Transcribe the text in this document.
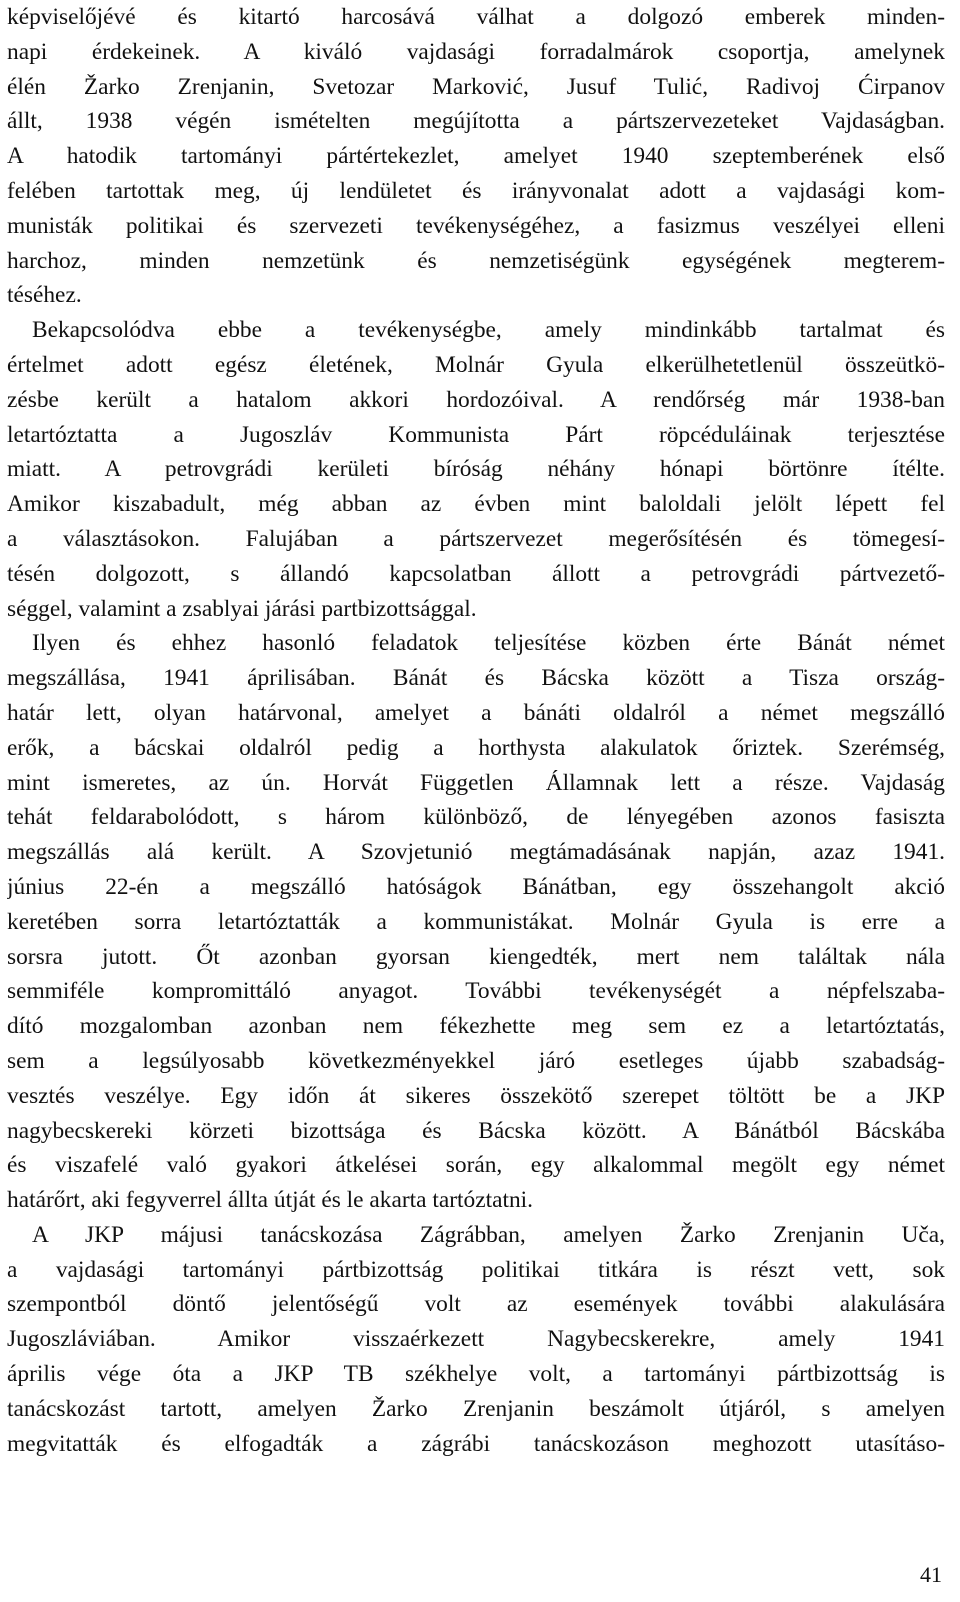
képviselőjévé és kitartó harcosává válhat a dolgozó emberek minden-
napi érdekeinek. A kiváló vajdasági forradalmárok csoportja, amelynek
élén Žarko Zrenjanin, Svetozar Marković, Jusuf Tulić, Radivoj Ćirpanov
állt, 1938 végén ismételten megújította a pártszervezeteket Vajdaságban.
A hatodik tartományi pártértekezlet, amelyet 1940 szeptemberének első
felében tartottak meg, új lendületet és irányvonalat adott a vajdasági kom-
munisták politikai és szervezeti tevékenységéhez, a fasizmus veszélyei elleni
harchoz, minden nemzetünk és nemzetiségünk egységének megterem-
téséhez.
Bekapcsolódva ebbe a tevékenységbe, amely mindinkább tartalmat és
értelmet adott egész életének, Molnár Gyula elkerülhetetlenül összeütkö-
zésbe került a hatalom akkori hordozóival. A rendőrség már 1938-ban
letartóztatta a Jugoszláv Kommunista Párt röpcéduláinak terjesztése
miatt. A petrovgrádi kerületi bíróság néhány hónapi börtönre ítélte.
Amikor kiszabadult, még abban az évben mint baloldali jelölt lépett fel
a választásokon. Falujában a pártszervezet megerősítésén és tömegesí-
tésén dolgozott, s állandó kapcsolatban állott a petrovgrádi pártvezető-
séggel, valamint a zsablyai járási partbizottsággal.
Ilyen és ehhez hasonló feladatok teljesítése közben érte Bánát német
megszállása, 1941 áprilisában. Bánát és Bácska között a Tisza ország-
határ lett, olyan határvonal, amelyet a bánáti oldalról a német megszálló
erők, a bácskai oldalról pedig a horthysta alakulatok őriztek. Szerémség,
mint ismeretes, az ún. Horvát Független Államnak lett a része. Vajdaság
tehát feldarabolódott, s három különböző, de lényegében azonos fasiszta
megszállás alá került. A Szovjetunió megtámadásának napján, azaz 1941.
június 22-én a megszálló hatóságok Bánátban, egy összehangolt akció
keretében sorra letartóztatták a kommunistákat. Molnár Gyula is erre a
sorsra jutott. Őt azonban gyorsan kiengedték, mert nem találtak nála
semmiféle kompromittáló anyagot. További tevékenységét a népfelszaba-
dító mozgalomban azonban nem fékezhette meg sem ez a letartóztatás,
sem a legsúlyosabb következményekkel járó esetleges újabb szabadság-
vesztés veszélye. Egy időn át sikeres összekötő szerepet töltött be a JKP
nagybecskereki körzeti bizottsága és Bácska között. A Bánátból Bácskába
és viszafelé való gyakori átkelései során, egy alkalommal megölt egy német
határőrt, aki fegyverrel állta útját és le akarta tartóztatni.
A JKP májusi tanácskozása Zágrábban, amelyen Žarko Zrenjanin Uča,
a vajdasági tartományi pártbizottság politikai titkára is részt vett, sok
szempontból döntő jelentőségű volt az események további alakulására
Jugoszláviában. Amikor visszaérkezett Nagybecskerekre, amely 1941
április vége óta a JKP TB székhelye volt, a tartományi pártbizottság is
tanácskozást tartott, amelyen Žarko Zrenjanin beszámolt útjáról, s amelyen
megvitatták és elfogadták a zágrábi tanácskozáson meghozott utasításo-
41
